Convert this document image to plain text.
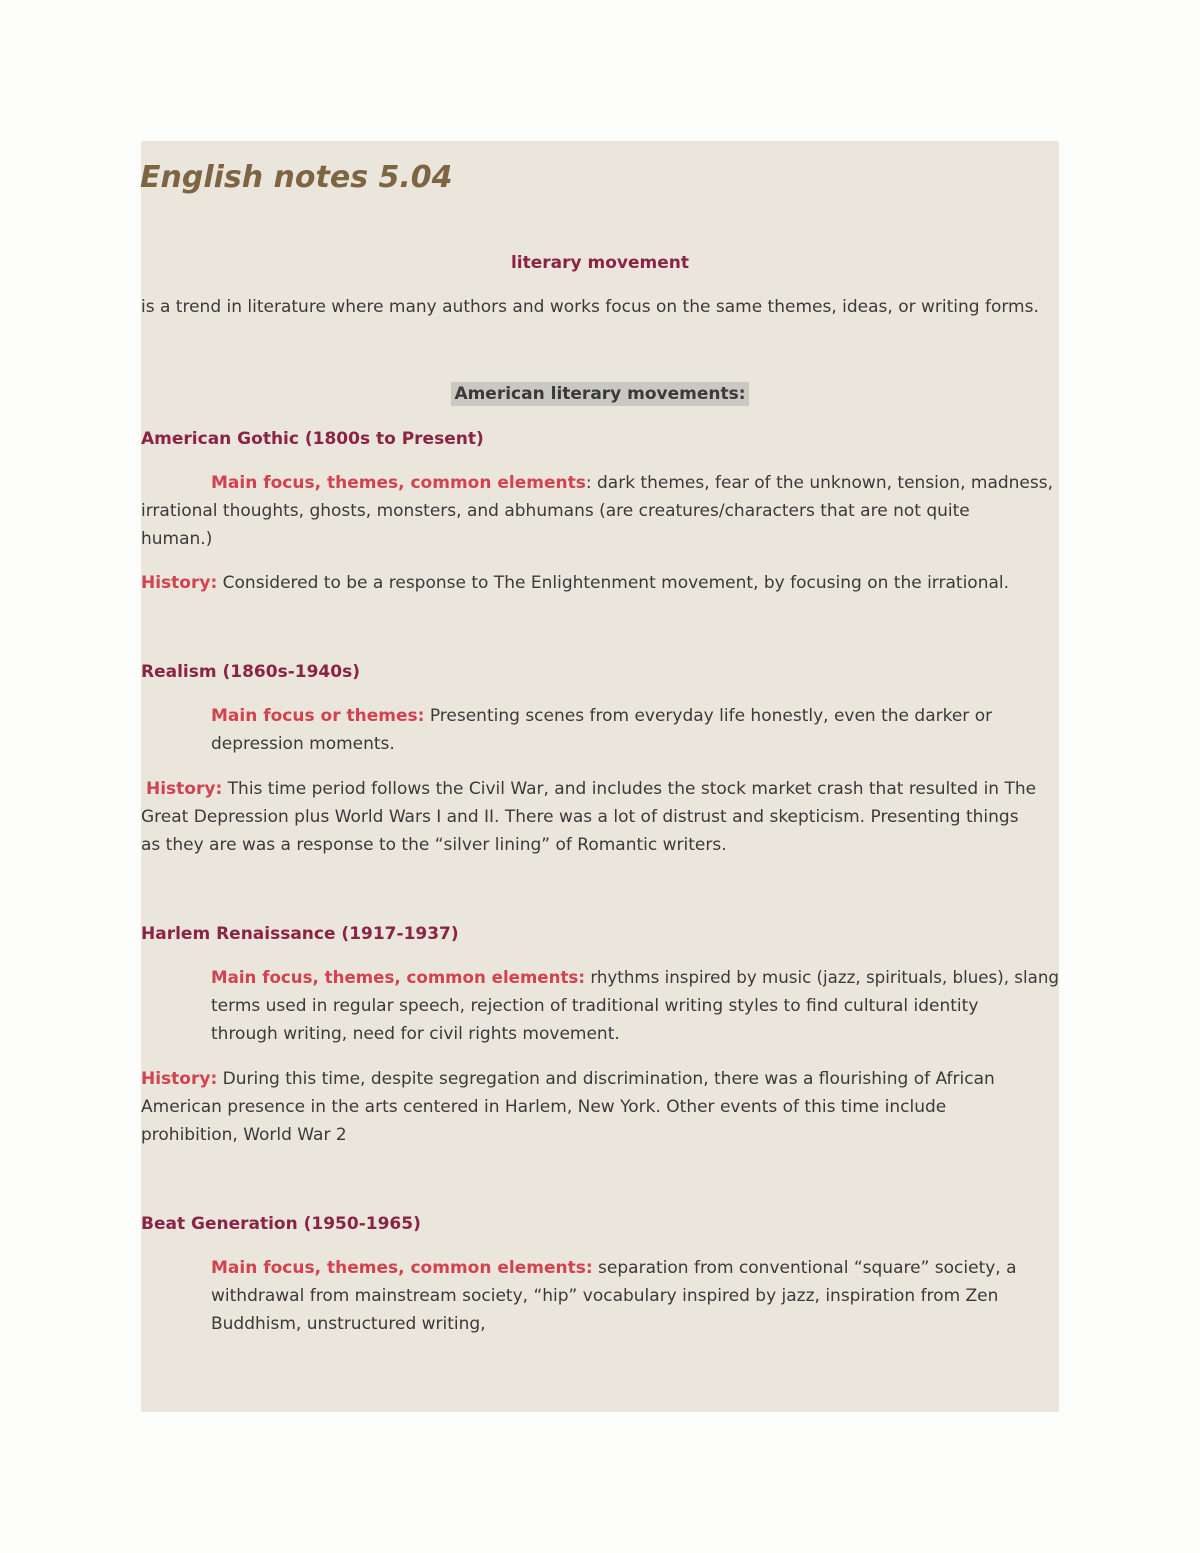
English notes 5.04

literary movement

is a trend in literature where many authors and works focus on the same themes, ideas, or writing forms.

American literary movements:

American Gothic (1800s to Present)

Main focus, themes, common elements: dark themes, fear of the unknown, tension, madness,

irrational thoughts, ghosts, monsters, and abhumans (are creatures/characters that are not quite

human.)

History: Considered to be a response to The Enlightenment movement, by focusing on the irrational.

Realism (1860s-1940s)

Main focus or themes: Presenting scenes from everyday life honestly, even the darker or

depression moments.

History: This time period follows the Civil War, and includes the stock market crash that resulted in The

Great Depression plus World Wars I and II. There was a lot of distrust and skepticism. Presenting things

as they are was a response to the “silver lining” of Romantic writers.

Harlem Renaissance (1917-1937)

Main focus, themes, common elements: rhythms inspired by music (jazz, spirituals, blues), slang

terms used in regular speech, rejection of traditional writing styles to find cultural identity

through writing, need for civil rights movement.

History: During this time, despite segregation and discrimination, there was a flourishing of African

American presence in the arts centered in Harlem, New York. Other events of this time include

prohibition, World War 2

Beat Generation (1950-1965)

Main focus, themes, common elements: separation from conventional “square” society, a

withdrawal from mainstream society, “hip” vocabulary inspired by jazz, inspiration from Zen

Buddhism, unstructured writing,
